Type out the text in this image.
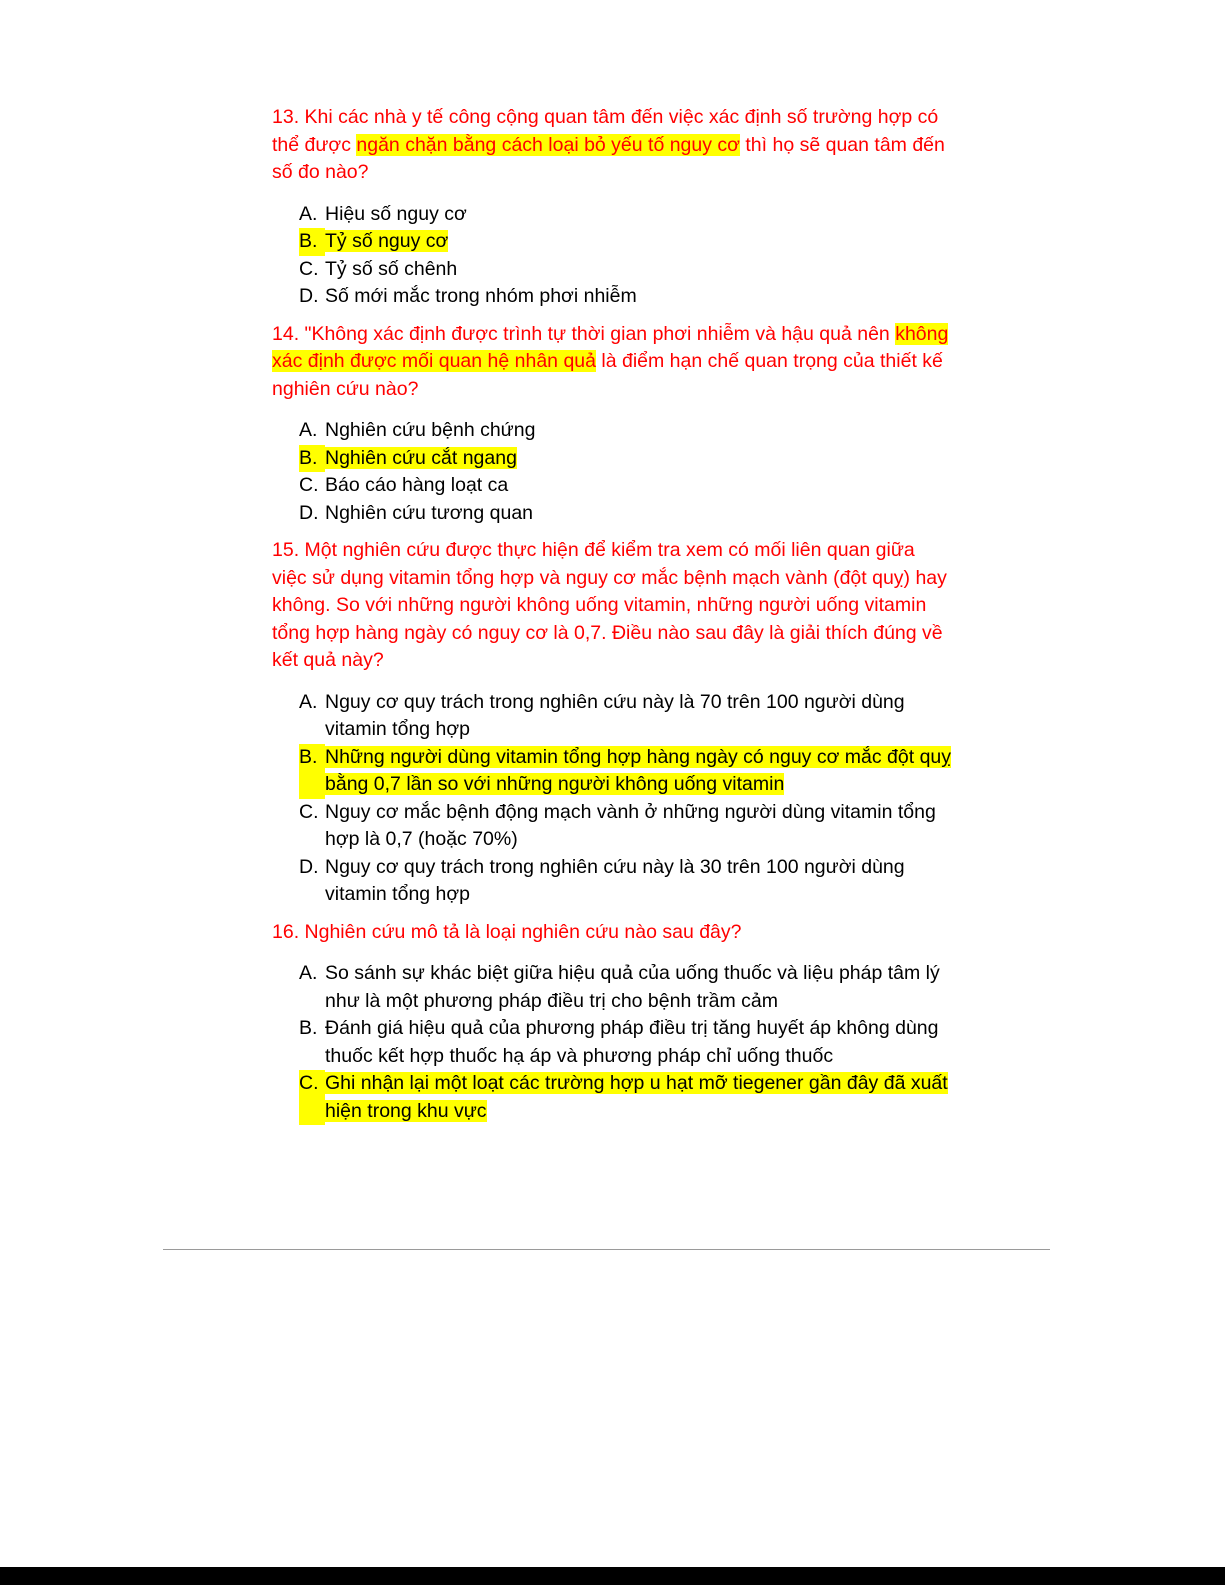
13. Khi các nhà y tế công cộng quan tâm đến việc xác định số trường hợp có thể được ngăn chặn bằng cách loại bỏ yếu tố nguy cơ thì họ sẽ quan tâm đến số đo nào?

A. Hiệu số nguy cơ
B. Tỷ số nguy cơ
C. Tỷ số số chênh
D. Số mới mắc trong nhóm phơi nhiễm

14. "Không xác định được trình tự thời gian phơi nhiễm và hậu quả nên không xác định được mối quan hệ nhân quả là điểm hạn chế quan trọng của thiết kế nghiên cứu nào?

A. Nghiên cứu bệnh chứng
B. Nghiên cứu cắt ngang
C. Báo cáo hàng loạt ca
D. Nghiên cứu tương quan

15. Một nghiên cứu được thực hiện để kiểm tra xem có mối liên quan giữa việc sử dụng vitamin tổng hợp và nguy cơ mắc bệnh mạch vành (đột quỵ) hay không. So với những người không uống vitamin, những người uống vitamin tổng hợp hàng ngày có nguy cơ là 0,7. Điều nào sau đây là giải thích đúng về kết quả này?

A. Nguy cơ quy trách trong nghiên cứu này là 70 trên 100 người dùng vitamin tổng hợp
B. Những người dùng vitamin tổng hợp hàng ngày có nguy cơ mắc đột quỵ bằng 0,7 lần so với những người không uống vitamin
C. Nguy cơ mắc bệnh động mạch vành ở những người dùng vitamin tổng hợp là 0,7 (hoặc 70%)
D. Nguy cơ quy trách trong nghiên cứu này là 30 trên 100 người dùng vitamin tổng hợp

16. Nghiên cứu mô tả là loại nghiên cứu nào sau đây?

A. So sánh sự khác biệt giữa hiệu quả của uống thuốc và liệu pháp tâm lý như là một phương pháp điều trị cho bệnh trầm cảm
B. Đánh giá hiệu quả của phương pháp điều trị tăng huyết áp không dùng thuốc kết hợp thuốc hạ áp và phương pháp chỉ uống thuốc
C. Ghi nhận lại một loạt các trường hợp u hạt mỡ tiegener gần đây đã xuất hiện trong khu vực
